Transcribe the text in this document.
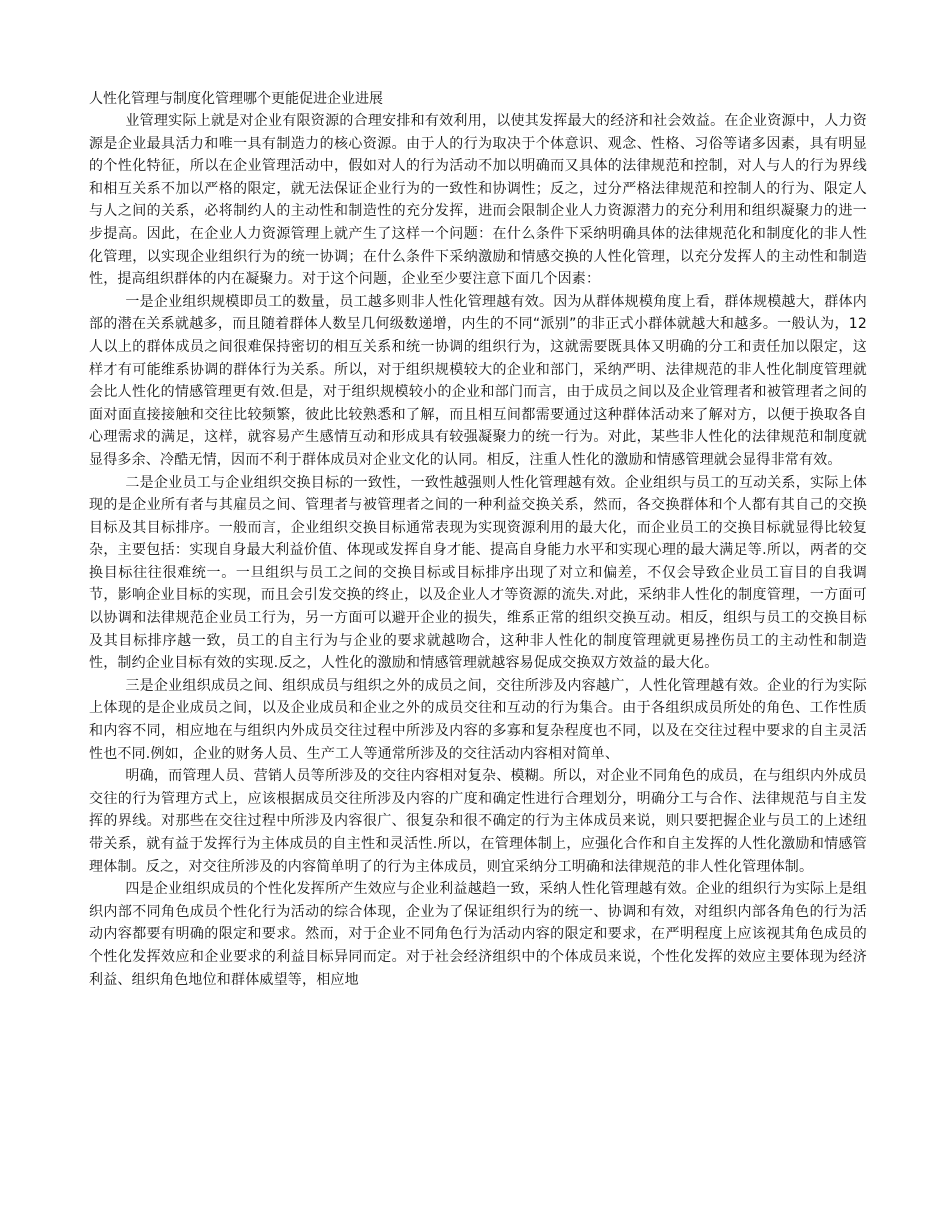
人性化管理与制度化管理哪个更能促进企业进展

业管理实际上就是对企业有限资源的合理安排和有效利用，以使其发挥最大的经济和社会效益。在企业资源中，人力资源是企业最具活力和唯一具有制造力的核心资源。由于人的行为取决于个体意识、观念、性格、习俗等诸多因素，具有明显的个性化特征，所以在企业管理活动中，假如对人的行为活动不加以明确而又具体的法律规范和控制，对人与人的行为界线和相互关系不加以严格的限定，就无法保证企业行为的一致性和协调性；反之，过分严格法律规范和控制人的行为、限定人与人之间的关系，必将制约人的主动性和制造性的充分发挥，进而会限制企业人力资源潜力的充分利用和组织凝聚力的进一步提高。因此，在企业人力资源管理上就产生了这样一个问题：在什么条件下采纳明确具体的法律规范化和制度化的非人性化管理，以实现企业组织行为的统一协调；在什么条件下采纳激励和情感交换的人性化管理，以充分发挥人的主动性和制造性，提高组织群体的内在凝聚力。对于这个问题，企业至少要注意下面几个因素：

一是企业组织规模即员工的数量，员工越多则非人性化管理越有效。因为从群体规模角度上看，群体规模越大，群体内部的潜在关系就越多，而且随着群体人数呈几何级数递增，内生的不同“派别”的非正式小群体就越大和越多。一般认为，12人以上的群体成员之间很难保持密切的相互关系和统一协调的组织行为，这就需要既具体又明确的分工和责任加以限定，这样才有可能维系协调的群体行为关系。所以，对于组织规模较大的企业和部门，采纳严明、法律规范的非人性化制度管理就会比人性化的情感管理更有效.但是，对于组织规模较小的企业和部门而言，由于成员之间以及企业管理者和被管理者之间的面对面直接接触和交往比较频繁，彼此比较熟悉和了解，而且相互间都需要通过这种群体活动来了解对方，以便于换取各自心理需求的满足，这样，就容易产生感情互动和形成具有较强凝聚力的统一行为。对此，某些非人性化的法律规范和制度就显得多余、冷酷无情，因而不利于群体成员对企业文化的认同。相反，注重人性化的激励和情感管理就会显得非常有效。

二是企业员工与企业组织交换目标的一致性，一致性越强则人性化管理越有效。企业组织与员工的互动关系，实际上体现的是企业所有者与其雇员之间、管理者与被管理者之间的一种利益交换关系，然而，各交换群体和个人都有其自己的交换目标及其目标排序。一般而言，企业组织交换目标通常表现为实现资源利用的最大化，而企业员工的交换目标就显得比较复杂，主要包括：实现自身最大利益价值、体现或发挥自身才能、提高自身能力水平和实现心理的最大满足等.所以，两者的交换目标往往很难统一。一旦组织与员工之间的交换目标或目标排序出现了对立和偏差，不仅会导致企业员工盲目的自我调节，影响企业目标的实现，而且会引发交换的终止，以及企业人才等资源的流失.对此，采纳非人性化的制度管理，一方面可以协调和法律规范企业员工行为，另一方面可以避开企业的损失，维系正常的组织交换互动。相反，组织与员工的交换目标及其目标排序越一致，员工的自主行为与企业的要求就越吻合，这种非人性化的制度管理就更易挫伤员工的主动性和制造性，制约企业目标有效的实现.反之，人性化的激励和情感管理就越容易促成交换双方效益的最大化。

三是企业组织成员之间、组织成员与组织之外的成员之间，交往所涉及内容越广，人性化管理越有效。企业的行为实际上体现的是企业成员之间，以及企业成员和企业之外的成员交往和互动的行为集合。由于各组织成员所处的角色、工作性质和内容不同，相应地在与组织内外成员交往过程中所涉及内容的多寡和复杂程度也不同，以及在交往过程中要求的自主灵活性也不同.例如，企业的财务人员、生产工人等通常所涉及的交往活动内容相对简单、

明确，而管理人员、营销人员等所涉及的交往内容相对复杂、模糊。所以，对企业不同角色的成员，在与组织内外成员交往的行为管理方式上，应该根据成员交往所涉及内容的广度和确定性进行合理划分，明确分工与合作、法律规范与自主发挥的界线。对那些在交往过程中所涉及内容很广、很复杂和很不确定的行为主体成员来说，则只要把握企业与员工的上述纽带关系，就有益于发挥行为主体成员的自主性和灵活性.所以，在管理体制上，应强化合作和自主发挥的人性化激励和情感管理体制。反之，对交往所涉及的内容简单明了的行为主体成员，则宜采纳分工明确和法律规范的非人性化管理体制。

四是企业组织成员的个性化发挥所产生效应与企业利益越趋一致，采纳人性化管理越有效。企业的组织行为实际上是组织内部不同角色成员个性化行为活动的综合体现，企业为了保证组织行为的统一、协调和有效，对组织内部各角色的行为活动内容都要有明确的限定和要求。然而，对于企业不同角色行为活动内容的限定和要求，在严明程度上应该视其角色成员的个性化发挥效应和企业要求的利益目标异同而定。对于社会经济组织中的个体成员来说，个性化发挥的效应主要体现为经济利益、组织角色地位和群体威望等，相应地
